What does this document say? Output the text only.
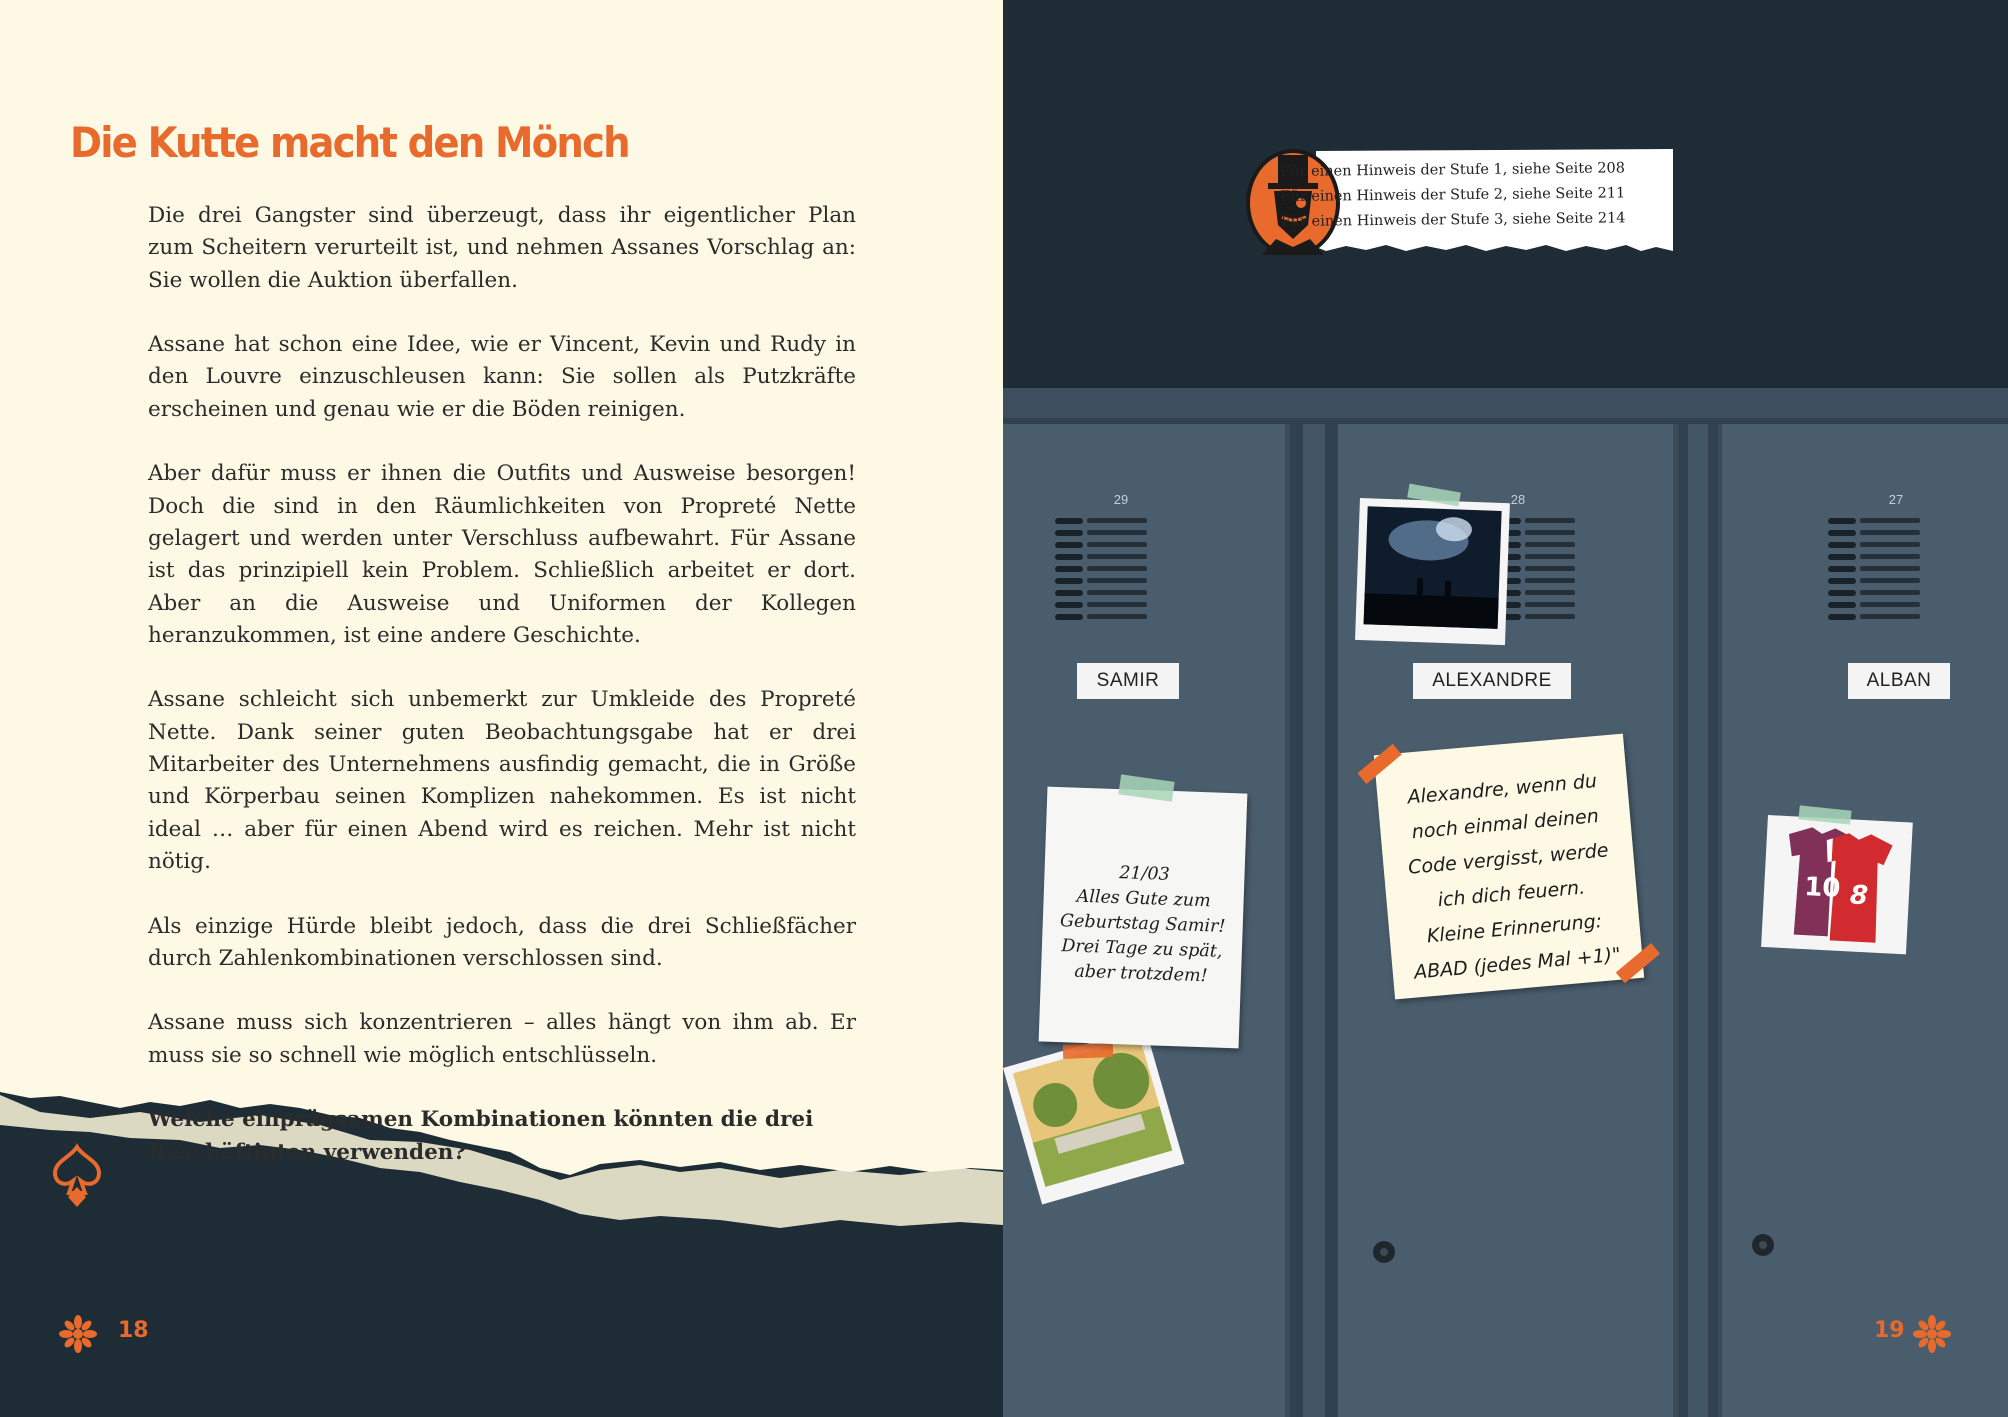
Die Kutte macht den Mönch

Die drei Gangster sind überzeugt, dass ihr eigentlicher Plan zum Scheitern verurteilt ist, und nehmen Assanes Vorschlag an: Sie wollen die Auktion überfallen.

Assane hat schon eine Idee, wie er Vincent, Kevin und Rudy in den Louvre einzuschleusen kann: Sie sollen als Putzkräfte erscheinen und genau wie er die Böden reinigen.

Aber dafür muss er ihnen die Outfits und Ausweise besorgen! Doch die sind in den Räumlichkeiten von Propreté Nette gelagert und werden unter Verschluss aufbewahrt. Für Assane ist das prinzipiell kein Problem. Schließlich arbeitet er dort. Aber an die Ausweise und Uniformen der Kollegen heranzukommen, ist eine andere Geschichte.

Assane schleicht sich unbemerkt zur Umkleide des Propreté Nette. Dank seiner guten Beobachtungsgabe hat er drei Mitarbeiter des Unternehmens ausfindig gemacht, die in Größe und Körperbau seinen Komplizen nahekommen. Es ist nicht ideal … aber für einen Abend wird es reichen. Mehr ist nicht nötig.

Als einzige Hürde bleibt jedoch, dass die drei Schließfächer durch Zahlenkombinationen verschlossen sind.

Assane muss sich konzentrieren – alles hängt von ihm ab. Er muss sie so schnell wie möglich entschlüsseln.

Welche einprägsamen Kombinationen könnten die drei Beschäftigten verwenden?

18
10 8
29	28	27
SAMIR	ALEXANDRE	ALBAN
Für einen Hinweis der Stufe 1, siehe Seite 208
Für einen Hinweis der Stufe 2, siehe Seite 211
Für einen Hinweis der Stufe 3, siehe Seite 214
21/03
Alles Gute zum
Geburtstag Samir!
Drei Tage zu spät,
aber trotzdem!
Alexandre, wenn du
noch einmal deinen
Code vergisst, werde
ich dich feuern.
Kleine Erinnerung:
ABAD (jedes Mal +1)"
19
